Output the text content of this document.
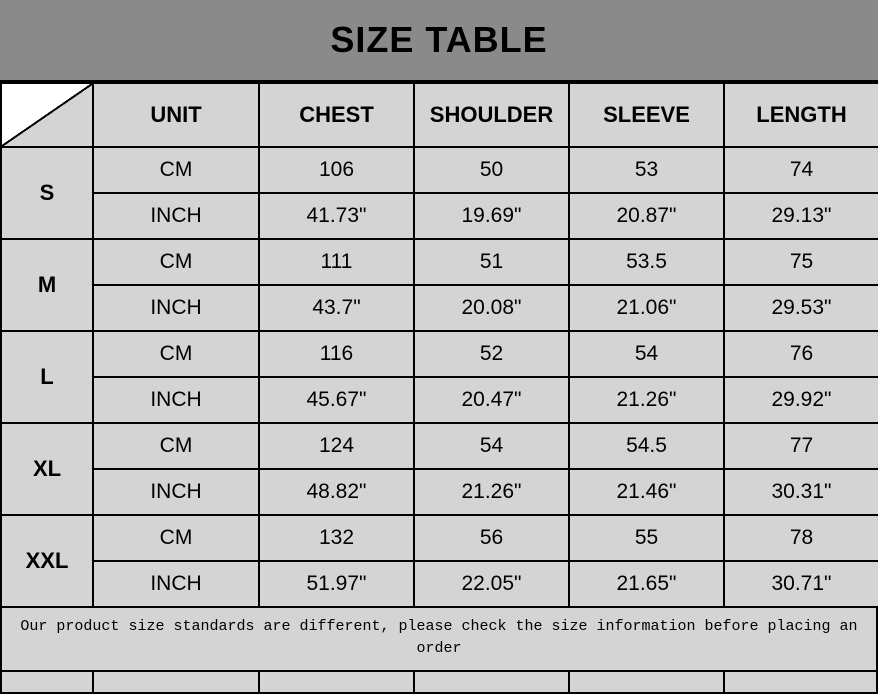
SIZE TABLE
	UNIT	CHEST	SHOULDER	SLEEVE	LENGTH
S	CM	106	50	53	74
	INCH	41.73"	19.69"	20.87"	29.13"
M	CM	111	51	53.5	75
	INCH	43.7"	20.08"	21.06"	29.53"
L	CM	116	52	54	76
	INCH	45.67"	20.47"	21.26"	29.92"
XL	CM	124	54	54.5	77
	INCH	48.82"	21.26"	21.46"	30.31"
XXL	CM	132	56	55	78
	INCH	51.97"	22.05"	21.65"	30.71"
Our product size standards are different, please check the size information before placing an order
